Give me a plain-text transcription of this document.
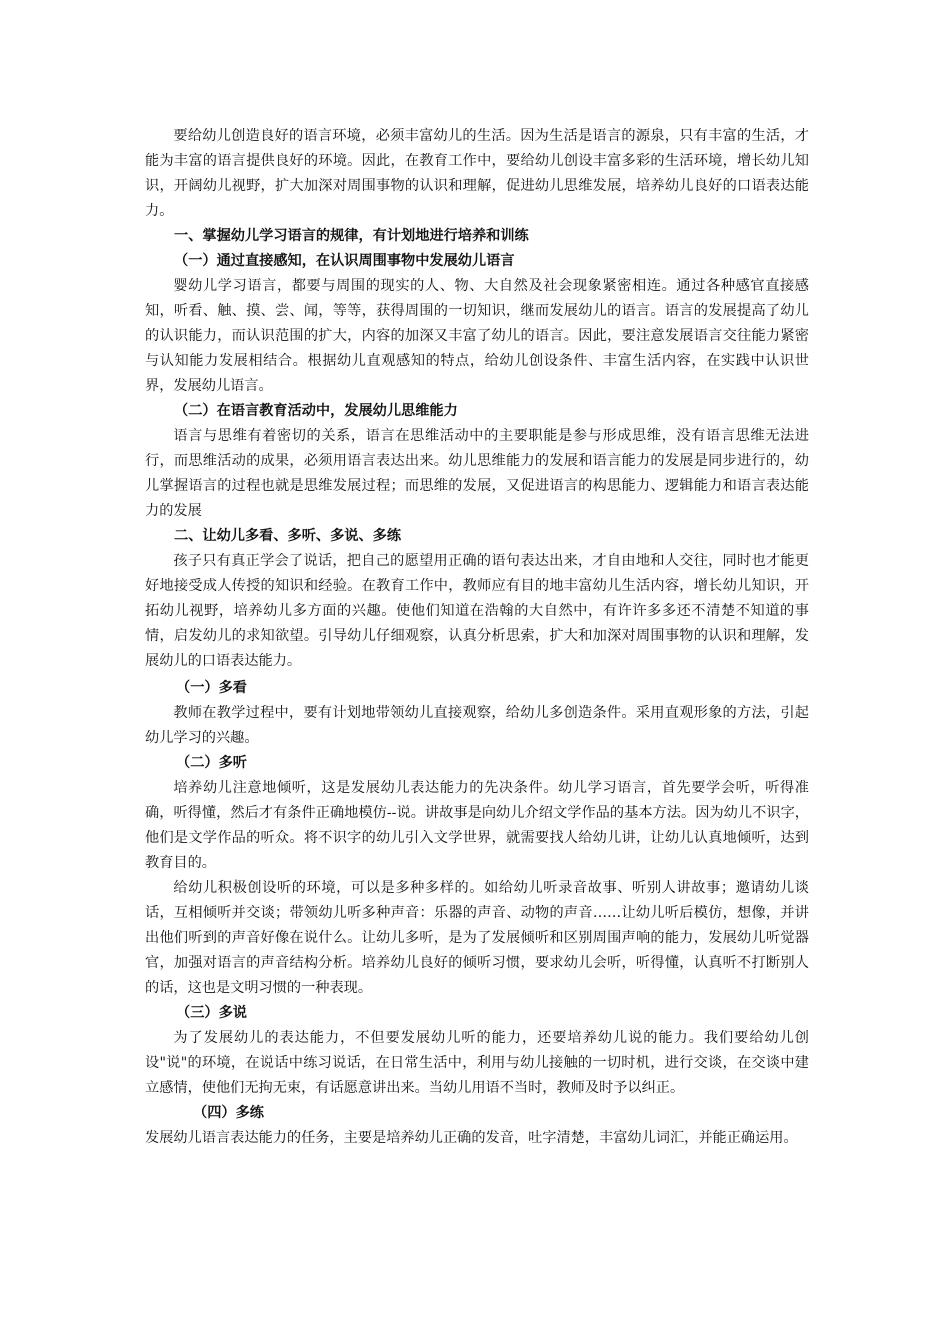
要给幼儿创造良好的语言环境，必须丰富幼儿的生活。因为生活是语言的源泉，只有丰富的生活，才能为丰富的语言提供良好的环境。因此，在教育工作中，要给幼儿创设丰富多彩的生活环境，增长幼儿知识，开阔幼儿视野，扩大加深对周围事物的认识和理解，促进幼儿思维发展，培养幼儿良好的口语表达能力。

一、掌握幼儿学习语言的规律，有计划地进行培养和训练

（一）通过直接感知，在认识周围事物中发展幼儿语言

婴幼儿学习语言，都要与周围的现实的人、物、大自然及社会现象紧密相连。通过各种感官直接感知，听看、触、摸、尝、闻，等等，获得周围的一切知识，继而发展幼儿的语言。语言的发展提高了幼儿的认识能力，而认识范围的扩大，内容的加深又丰富了幼儿的语言。因此，要注意发展语言交往能力紧密与认知能力发展相结合。根据幼儿直观感知的特点，给幼儿创设条件、丰富生活内容，在实践中认识世界，发展幼儿语言。

（二）在语言教育活动中，发展幼儿思维能力

语言与思维有着密切的关系，语言在思维活动中的主要职能是参与形成思维，没有语言思维无法进行，而思维活动的成果，必须用语言表达出来。幼儿思维能力的发展和语言能力的发展是同步进行的，幼儿掌握语言的过程也就是思维发展过程；而思维的发展，又促进语言的构思能力、逻辑能力和语言表达能力的发展

二、让幼儿多看、多听、多说、多练

孩子只有真正学会了说话，把自己的愿望用正确的语句表达出来，才自由地和人交往，同时也才能更好地接受成人传授的知识和经验。在教育工作中，教师应有目的地丰富幼儿生活内容，增长幼儿知识，开拓幼儿视野，培养幼儿多方面的兴趣。使他们知道在浩翰的大自然中，有许许多多还不清楚不知道的事情，启发幼儿的求知欲望。引导幼儿仔细观察，认真分析思索，扩大和加深对周围事物的认识和理解，发展幼儿的口语表达能力。

（一）多看

教师在教学过程中，要有计划地带领幼儿直接观察，给幼儿多创造条件。采用直观形象的方法，引起幼儿学习的兴趣。

（二）多听

培养幼儿注意地倾听，这是发展幼儿表达能力的先决条件。幼儿学习语言，首先要学会听，听得准确，听得懂，然后才有条件正确地模仿--说。讲故事是向幼儿介绍文学作品的基本方法。因为幼儿不识字，他们是文学作品的听众。将不识字的幼儿引入文学世界，就需要找人给幼儿讲，让幼儿认真地倾听，达到教育目的。

给幼儿积极创设听的环境，可以是多种多样的。如给幼儿听录音故事、听别人讲故事；邀请幼儿谈话，互相倾听并交谈；带领幼儿听多种声音：乐器的声音、动物的声音……让幼儿听后模仿，想像，并讲出他们听到的声音好像在说什么。让幼儿多听，是为了发展倾听和区别周围声响的能力，发展幼儿听觉器官，加强对语言的声音结构分析。培养幼儿良好的倾听习惯，要求幼儿会听，听得懂，认真听不打断别人的话，这也是文明习惯的一种表现。

（三）多说

为了发展幼儿的表达能力，不但要发展幼儿听的能力，还要培养幼儿说的能力。我们要给幼儿创设"说"的环境，在说话中练习说话，在日常生活中，利用与幼儿接触的一切时机，进行交谈，在交谈中建立感情，使他们无拘无束，有话愿意讲出来。当幼儿用语不当时，教师及时予以纠正。

（四）多练

发展幼儿语言表达能力的任务，主要是培养幼儿正确的发音，吐字清楚，丰富幼儿词汇，并能正确运用。
